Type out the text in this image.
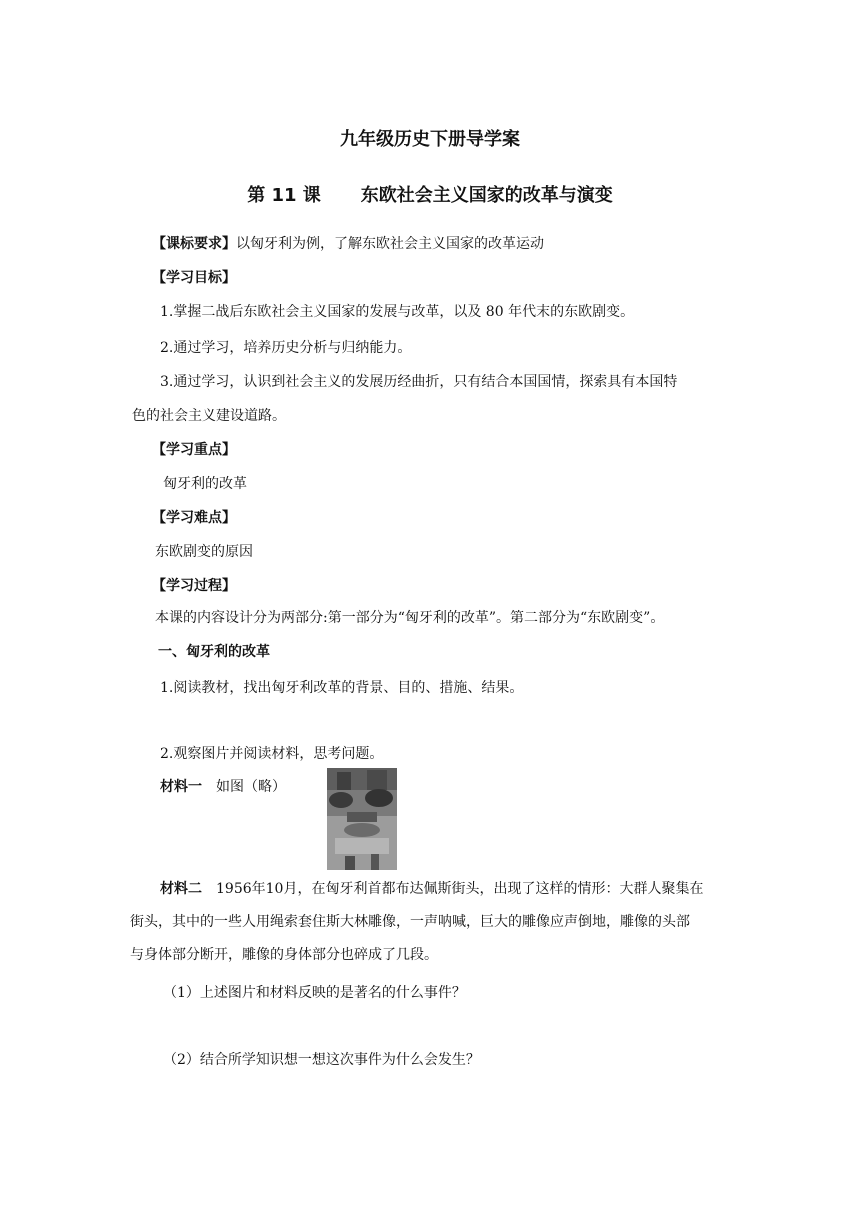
九年级历史下册导学案
第 11 课 东欧社会主义国家的改革与演变
【课标要求】以匈牙利为例，了解东欧社会主义国家的改革运动
【学习目标】
1.掌握二战后东欧社会主义国家的发展与改革，以及 80 年代末的东欧剧变。
2.通过学习，培养历史分析与归纳能力。
3.通过学习，认识到社会主义的发展历经曲折，只有结合本国国情，探索具有本国特
色的社会主义建设道路。
【学习重点】
匈牙利的改革
【学习难点】
东欧剧变的原因
【学习过程】
本课的内容设计分为两部分:第一部分为“匈牙利的改革”。第二部分为“东欧剧变”。
一、匈牙利的改革
1.阅读教材，找出匈牙利改革的背景、目的、措施、结果。
2.观察图片并阅读材料，思考问题。
材料一 如图（略）
材料二 1956年10月，在匈牙利首都布达佩斯街头，出现了这样的情形：大群人聚集在
街头，其中的一些人用绳索套住斯大林雕像，一声呐喊，巨大的雕像应声倒地，雕像的头部
与身体部分断开，雕像的身体部分也碎成了几段。
（1）上述图片和材料反映的是著名的什么事件？
（2）结合所学知识想一想这次事件为什么会发生？
